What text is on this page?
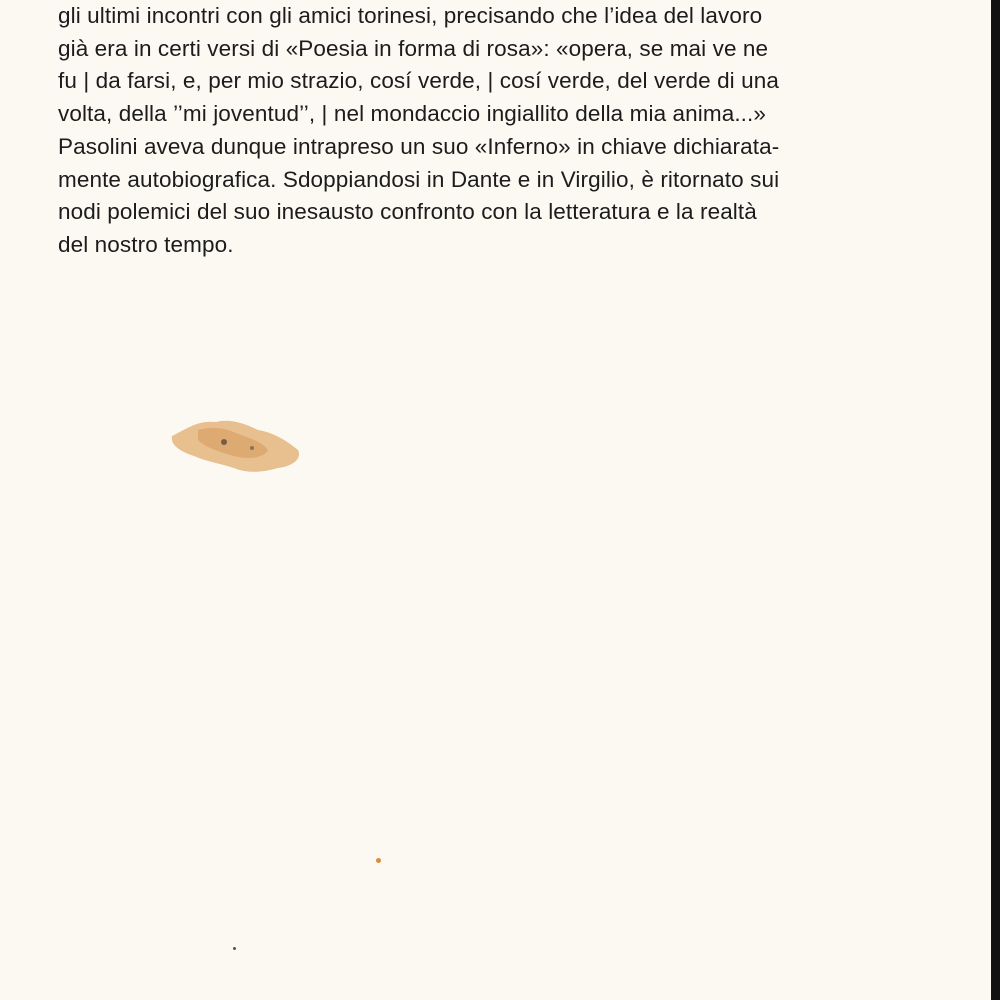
gli ultimi incontri con gli amici torinesi, precisando che l’idea del lavoro
già era in certi versi di «Poesia in forma di rosa»: «opera, se mai ve ne
fu | da farsi, e, per mio strazio, cosí verde, | cosí verde, del verde di una
volta, della ’’mi joventud’’, | nel mondaccio ingiallito della mia anima...»
Pasolini aveva dunque intrapreso un suo «Inferno» in chiave dichiarata-
mente autobiografica. Sdoppiandosi in Dante e in Virgilio, è ritornato sui
nodi polemici del suo inesausto confronto con la letteratura e la realtà
del nostro tempo.
